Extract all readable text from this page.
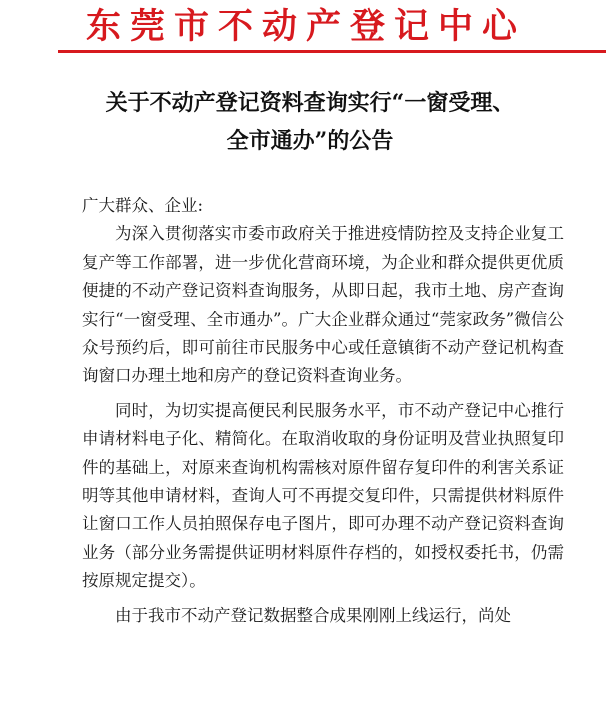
东莞市不动产登记中心
关于不动产登记资料查询实行“一窗受理、
全市通办”的公告

广大群众、企业:

为深入贯彻落实市委市政府关于推进疫情防控及支持企业复工复产等工作部署，进一步优化营商环境，为企业和群众提供更优质便捷的不动产登记资料查询服务，从即日起，我市土地、房产查询实行“一窗受理、全市通办”。广大企业群众通过“莞家政务”微信公众号预约后，即可前往市民服务中心或任意镇街不动产登记机构查询窗口办理土地和房产的登记资料查询业务。

同时，为切实提高便民利民服务水平，市不动产登记中心推行申请材料电子化、精简化。在取消收取的身份证明及营业执照复印件的基础上，对原来查询机构需核对原件留存复印件的利害关系证明等其他申请材料，查询人可不再提交复印件，只需提供材料原件让窗口工作人员拍照保存电子图片，即可办理不动产登记资料查询业务（部分业务需提供证明材料原件存档的，如授权委托书，仍需按原规定提交）。

由于我市不动产登记数据整合成果刚刚上线运行，尚处
